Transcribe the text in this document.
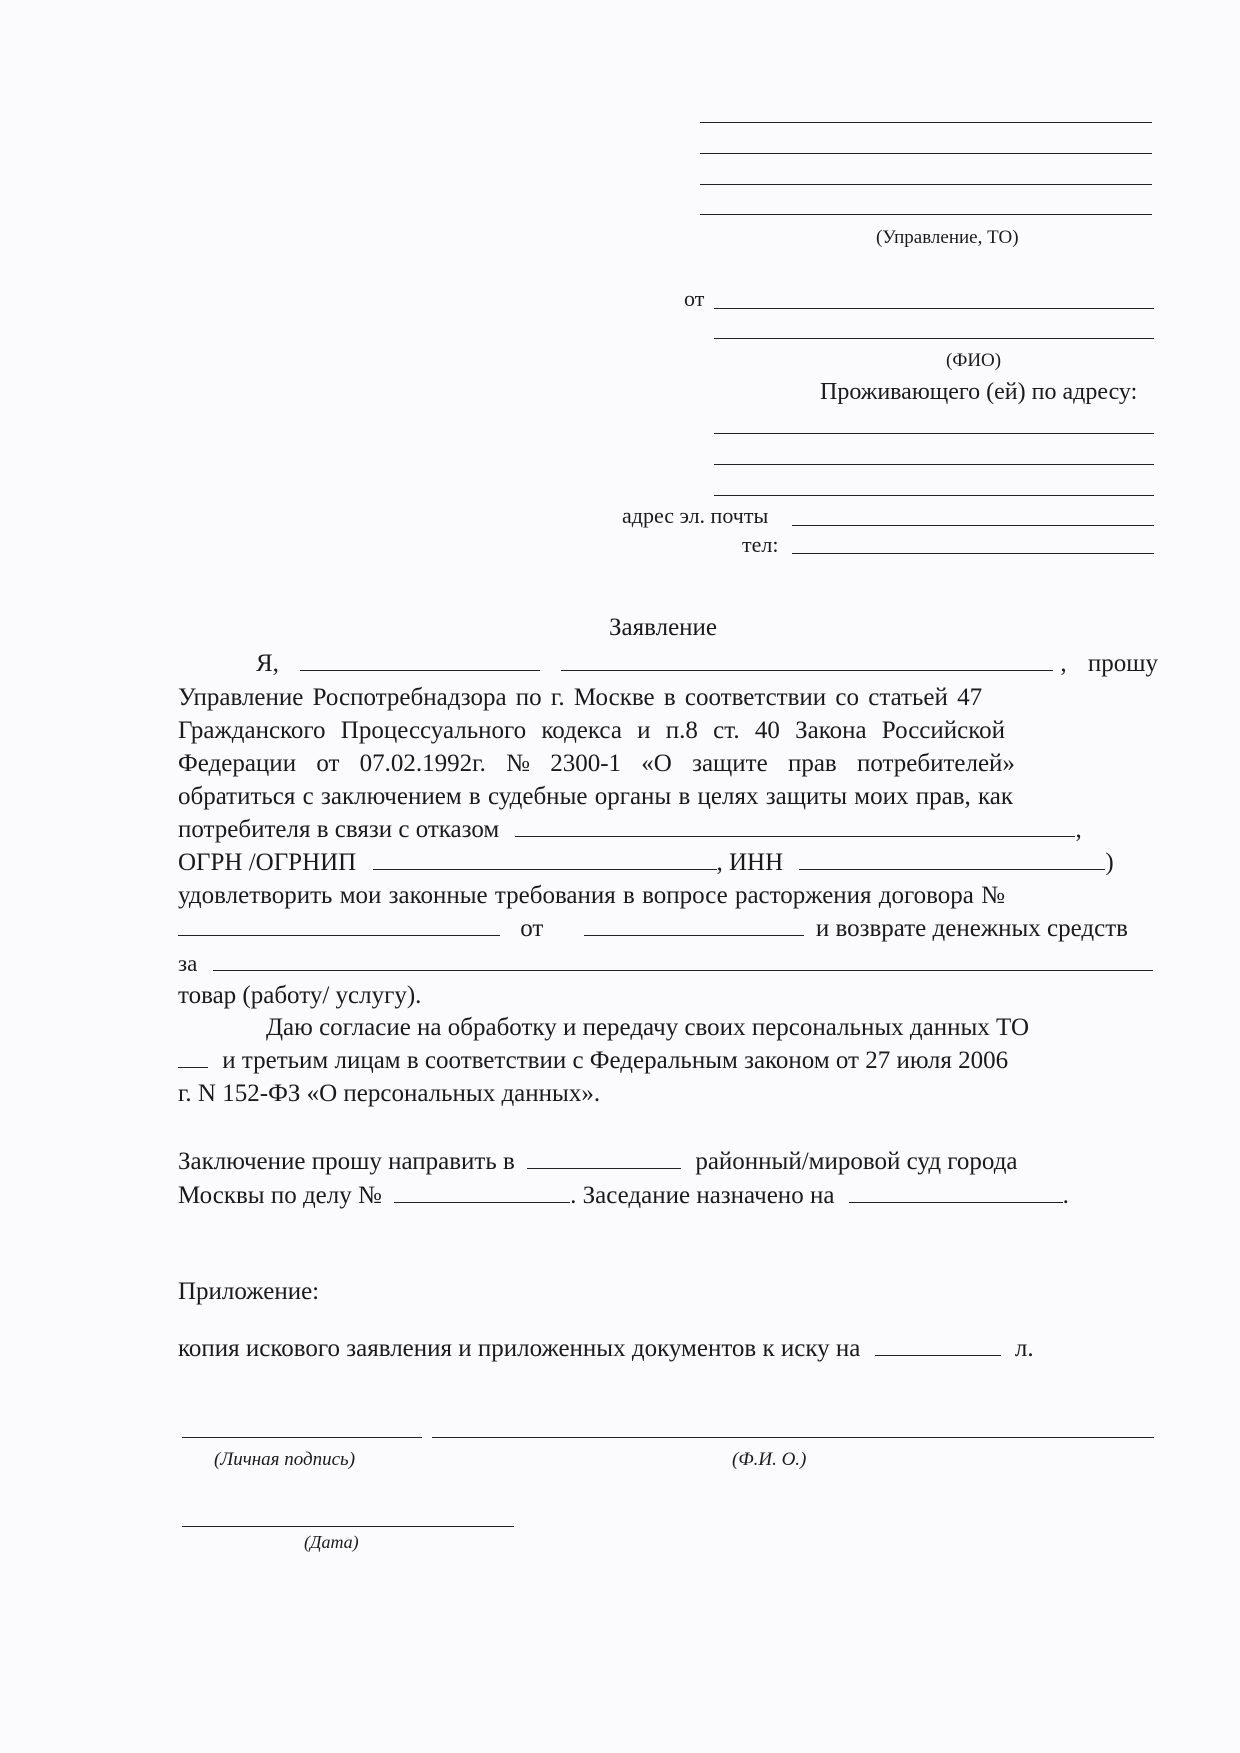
(Управление, ТО)
от
(ФИО)
Проживающего (ей) по адресу:
адрес эл. почты
тел:
Заявление
Я,	, прошу
Управление Роспотребнадзора по г. Москве в соответствии со статьей 47
Гражданского Процессуального кодекса и п.8 ст. 40 Закона Российской
Федерации от 07.02.1992г. № 2300-1 «О защите прав потребителей»
обратиться с заключением в судебные органы в целях защиты моих прав, как
потребителя в связи с отказом	,
ОГРН /ОГРНИП	, ИНН	)
удовлетворить мои законные требования в вопросе расторжения договора №
от	и возврате денежных средств
за
товар (работу/ услугу).
Даю согласие на обработку и передачу своих персональных данных ТО
и третьим лицам в соответствии с Федеральным законом от 27 июля 2006
г. N 152-ФЗ «О персональных данных».
Заключение прошу направить в	районный/мировой суд города
Москвы по делу №	. Заседание назначено на	.
Приложение:
копия искового заявления и приложенных документов к иску на	л.
(Личная подпись)	(Ф.И. О.)
(Дата)
